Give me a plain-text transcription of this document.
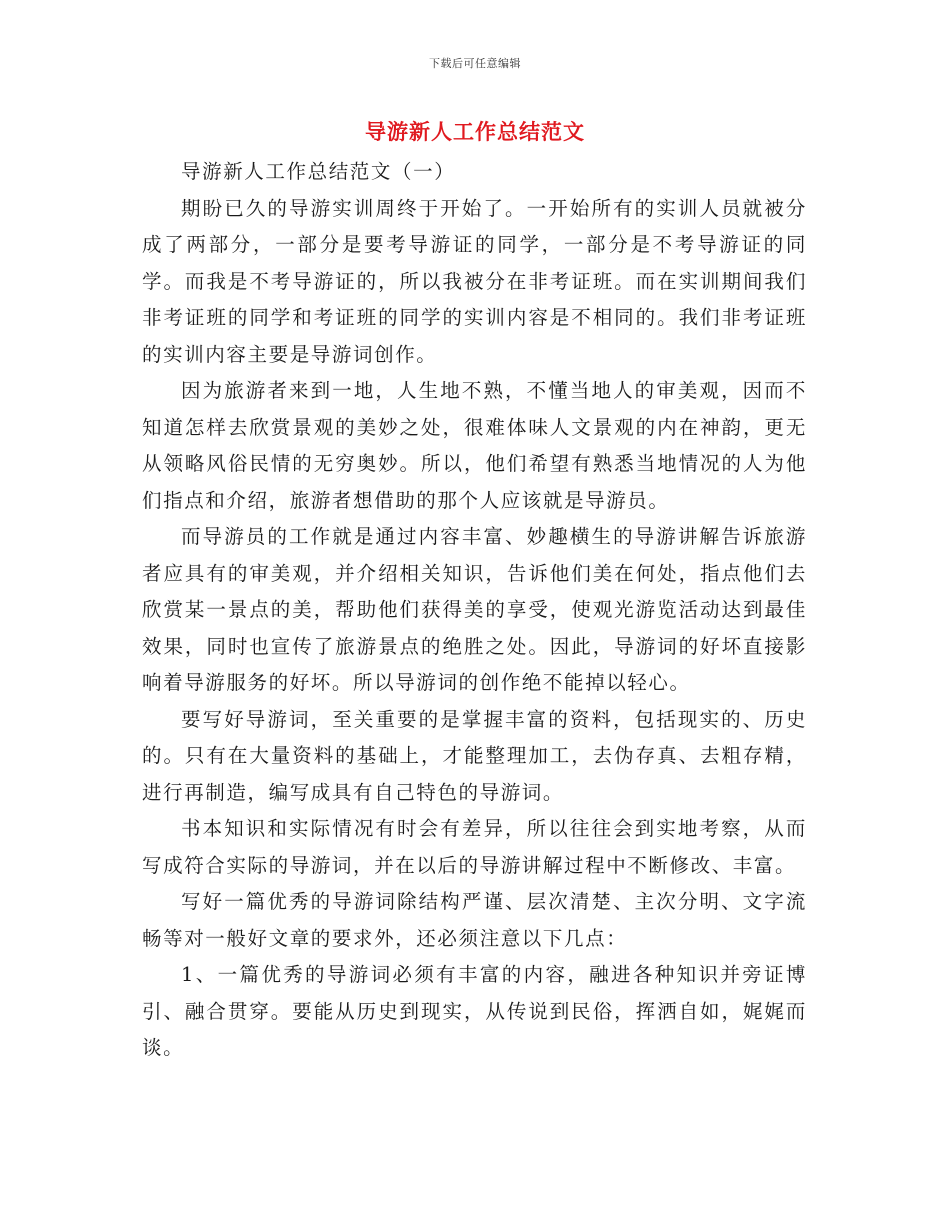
下载后可任意编辑
导游新人工作总结范文

导游新人工作总结范文（一）

期盼已久的导游实训周终于开始了。一开始所有的实训人员就被分成了两部分，一部分是要考导游证的同学，一部分是不考导游证的同学。而我是不考导游证的，所以我被分在非考证班。而在实训期间我们非考证班的同学和考证班的同学的实训内容是不相同的。我们非考证班的实训内容主要是导游词创作。

因为旅游者来到一地，人生地不熟，不懂当地人的审美观，因而不知道怎样去欣赏景观的美妙之处，很难体味人文景观的内在神韵，更无从领略风俗民情的无穷奥妙。所以，他们希望有熟悉当地情况的人为他们指点和介绍，旅游者想借助的那个人应该就是导游员。

而导游员的工作就是通过内容丰富、妙趣横生的导游讲解告诉旅游者应具有的审美观，并介绍相关知识，告诉他们美在何处，指点他们去欣赏某一景点的美，帮助他们获得美的享受，使观光游览活动达到最佳效果，同时也宣传了旅游景点的绝胜之处。因此，导游词的好坏直接影响着导游服务的好坏。所以导游词的创作绝不能掉以轻心。

要写好导游词，至关重要的是掌握丰富的资料，包括现实的、历史的。只有在大量资料的基础上，才能整理加工，去伪存真、去粗存精，进行再制造，编写成具有自己特色的导游词。

书本知识和实际情况有时会有差异，所以往往会到实地考察，从而写成符合实际的导游词，并在以后的导游讲解过程中不断修改、丰富。

写好一篇优秀的导游词除结构严谨、层次清楚、主次分明、文字流畅等对一般好文章的要求外，还必须注意以下几点：

1、一篇优秀的导游词必须有丰富的内容，融进各种知识并旁证博引、融合贯穿。要能从历史到现实，从传说到民俗，挥洒自如，娓娓而谈。
